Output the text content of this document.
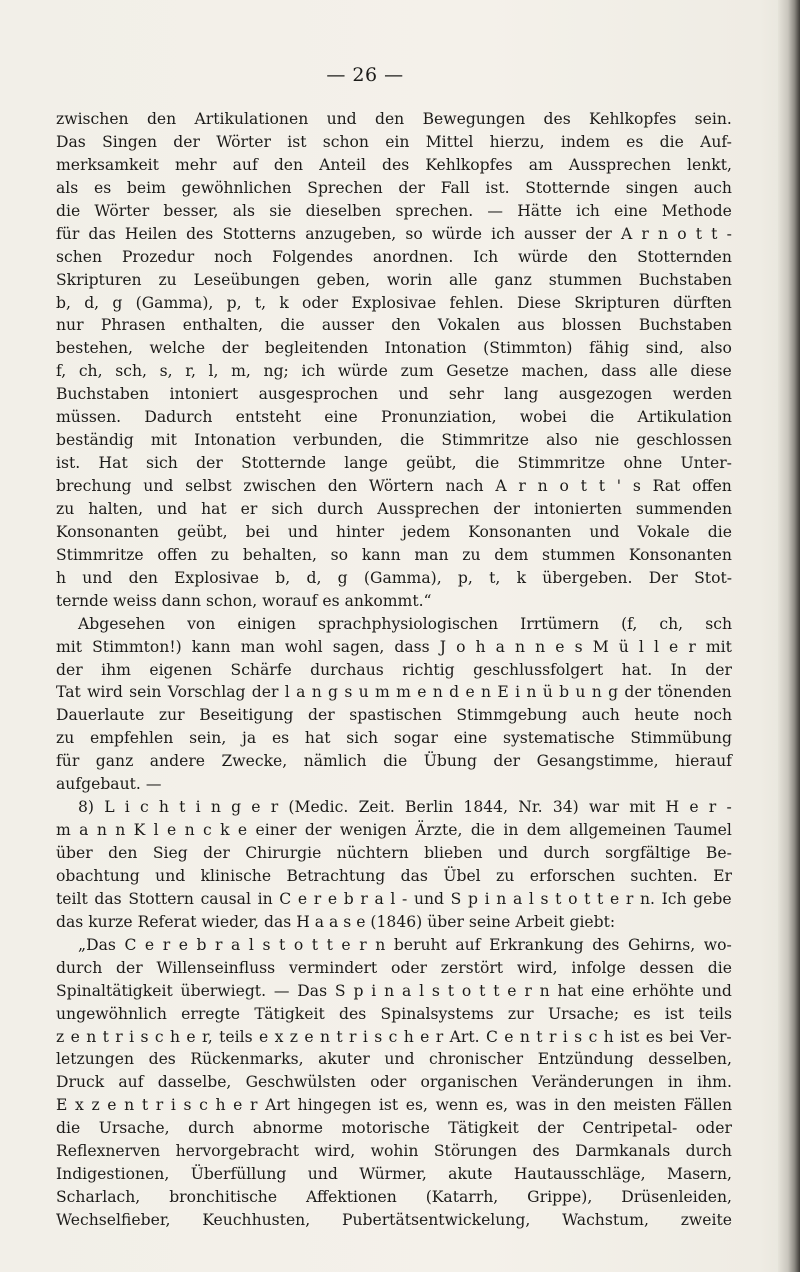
— 26 —
zwischen den Artikulationen und den Bewegungen des Kehlkopfes sein.
Das Singen der Wörter ist schon ein Mittel hierzu, indem es die Auf-
merksamkeit mehr auf den Anteil des Kehlkopfes am Aussprechen lenkt,
als es beim gewöhnlichen Sprechen der Fall ist. Stotternde singen auch
die Wörter besser, als sie dieselben sprechen. — Hätte ich eine Methode
für das Heilen des Stotterns anzugeben, so würde ich ausser der A r n o t t -
schen Prozedur noch Folgendes anordnen. Ich würde den Stotternden
Skripturen zu Leseübungen geben, worin alle ganz stummen Buchstaben
b, d, g (Gamma), p, t, k oder Explosivae fehlen. Diese Skripturen dürften
nur Phrasen enthalten, die ausser den Vokalen aus blossen Buchstaben
bestehen, welche der begleitenden Intonation (Stimmton) fähig sind, also
f, ch, sch, s, r, l, m, ng; ich würde zum Gesetze machen, dass alle diese
Buchstaben intoniert ausgesprochen und sehr lang ausgezogen werden
müssen. Dadurch entsteht eine Pronunziation, wobei die Artikulation
beständig mit Intonation verbunden, die Stimmritze also nie geschlossen
ist. Hat sich der Stotternde lange geübt, die Stimmritze ohne Unter-
brechung und selbst zwischen den Wörtern nach A r n o t t ' s Rat offen
zu halten, und hat er sich durch Aussprechen der intonierten summenden
Konsonanten geübt, bei und hinter jedem Konsonanten und Vokale die
Stimmritze offen zu behalten, so kann man zu dem stummen Konsonanten
h und den Explosivae b, d, g (Gamma), p, t, k übergeben. Der Stot-
ternde weiss dann schon, worauf es ankommt.“
Abgesehen von einigen sprachphysiologischen Irrtümern (f, ch, sch
mit Stimmton!) kann man wohl sagen, dass J o h a n n e s M ü l l e r mit
der ihm eigenen Schärfe durchaus richtig geschlussfolgert hat. In der
Tat wird sein Vorschlag der l a n g s u m m e n d e n E i n ü b u n g der tönenden
Dauerlaute zur Beseitigung der spastischen Stimmgebung auch heute noch
zu empfehlen sein, ja es hat sich sogar eine systematische Stimmübung
für ganz andere Zwecke, nämlich die Übung der Gesangstimme, hierauf
aufgebaut. —
8) L i c h t i n g e r (Medic. Zeit. Berlin 1844, Nr. 34) war mit H e r -
m a n n K l e n c k e einer der wenigen Ärzte, die in dem allgemeinen Taumel
über den Sieg der Chirurgie nüchtern blieben und durch sorgfältige Be-
obachtung und klinische Betrachtung das Übel zu erforschen suchten. Er
teilt das Stottern causal in C e r e b r a l - und S p i n a l s t o t t e r n. Ich gebe
das kurze Referat wieder, das H a a s e (1846) über seine Arbeit giebt:
„Das C e r e b r a l s t o t t e r n beruht auf Erkrankung des Gehirns, wo-
durch der Willenseinfluss vermindert oder zerstört wird, infolge dessen die
Spinaltätigkeit überwiegt. — Das S p i n a l s t o t t e r n hat eine erhöhte und
ungewöhnlich erregte Tätigkeit des Spinalsystems zur Ursache; es ist teils
z e n t r i s c h e r, teils e x z e n t r i s c h e r Art. C e n t r i s c h ist es bei Ver-
letzungen des Rückenmarks, akuter und chronischer Entzündung desselben,
Druck auf dasselbe, Geschwülsten oder organischen Veränderungen in ihm.
E x z e n t r i s c h e r Art hingegen ist es, wenn es, was in den meisten Fällen
die Ursache, durch abnorme motorische Tätigkeit der Centripetal- oder
Reflexnerven hervorgebracht wird, wohin Störungen des Darmkanals durch
Indigestionen, Überfüllung und Würmer, akute Hautausschläge, Masern,
Scharlach, bronchitische Affektionen (Katarrh, Grippe), Drüsenleiden,
Wechselfieber, Keuchhusten, Pubertätsentwickelung, Wachstum, zweite
